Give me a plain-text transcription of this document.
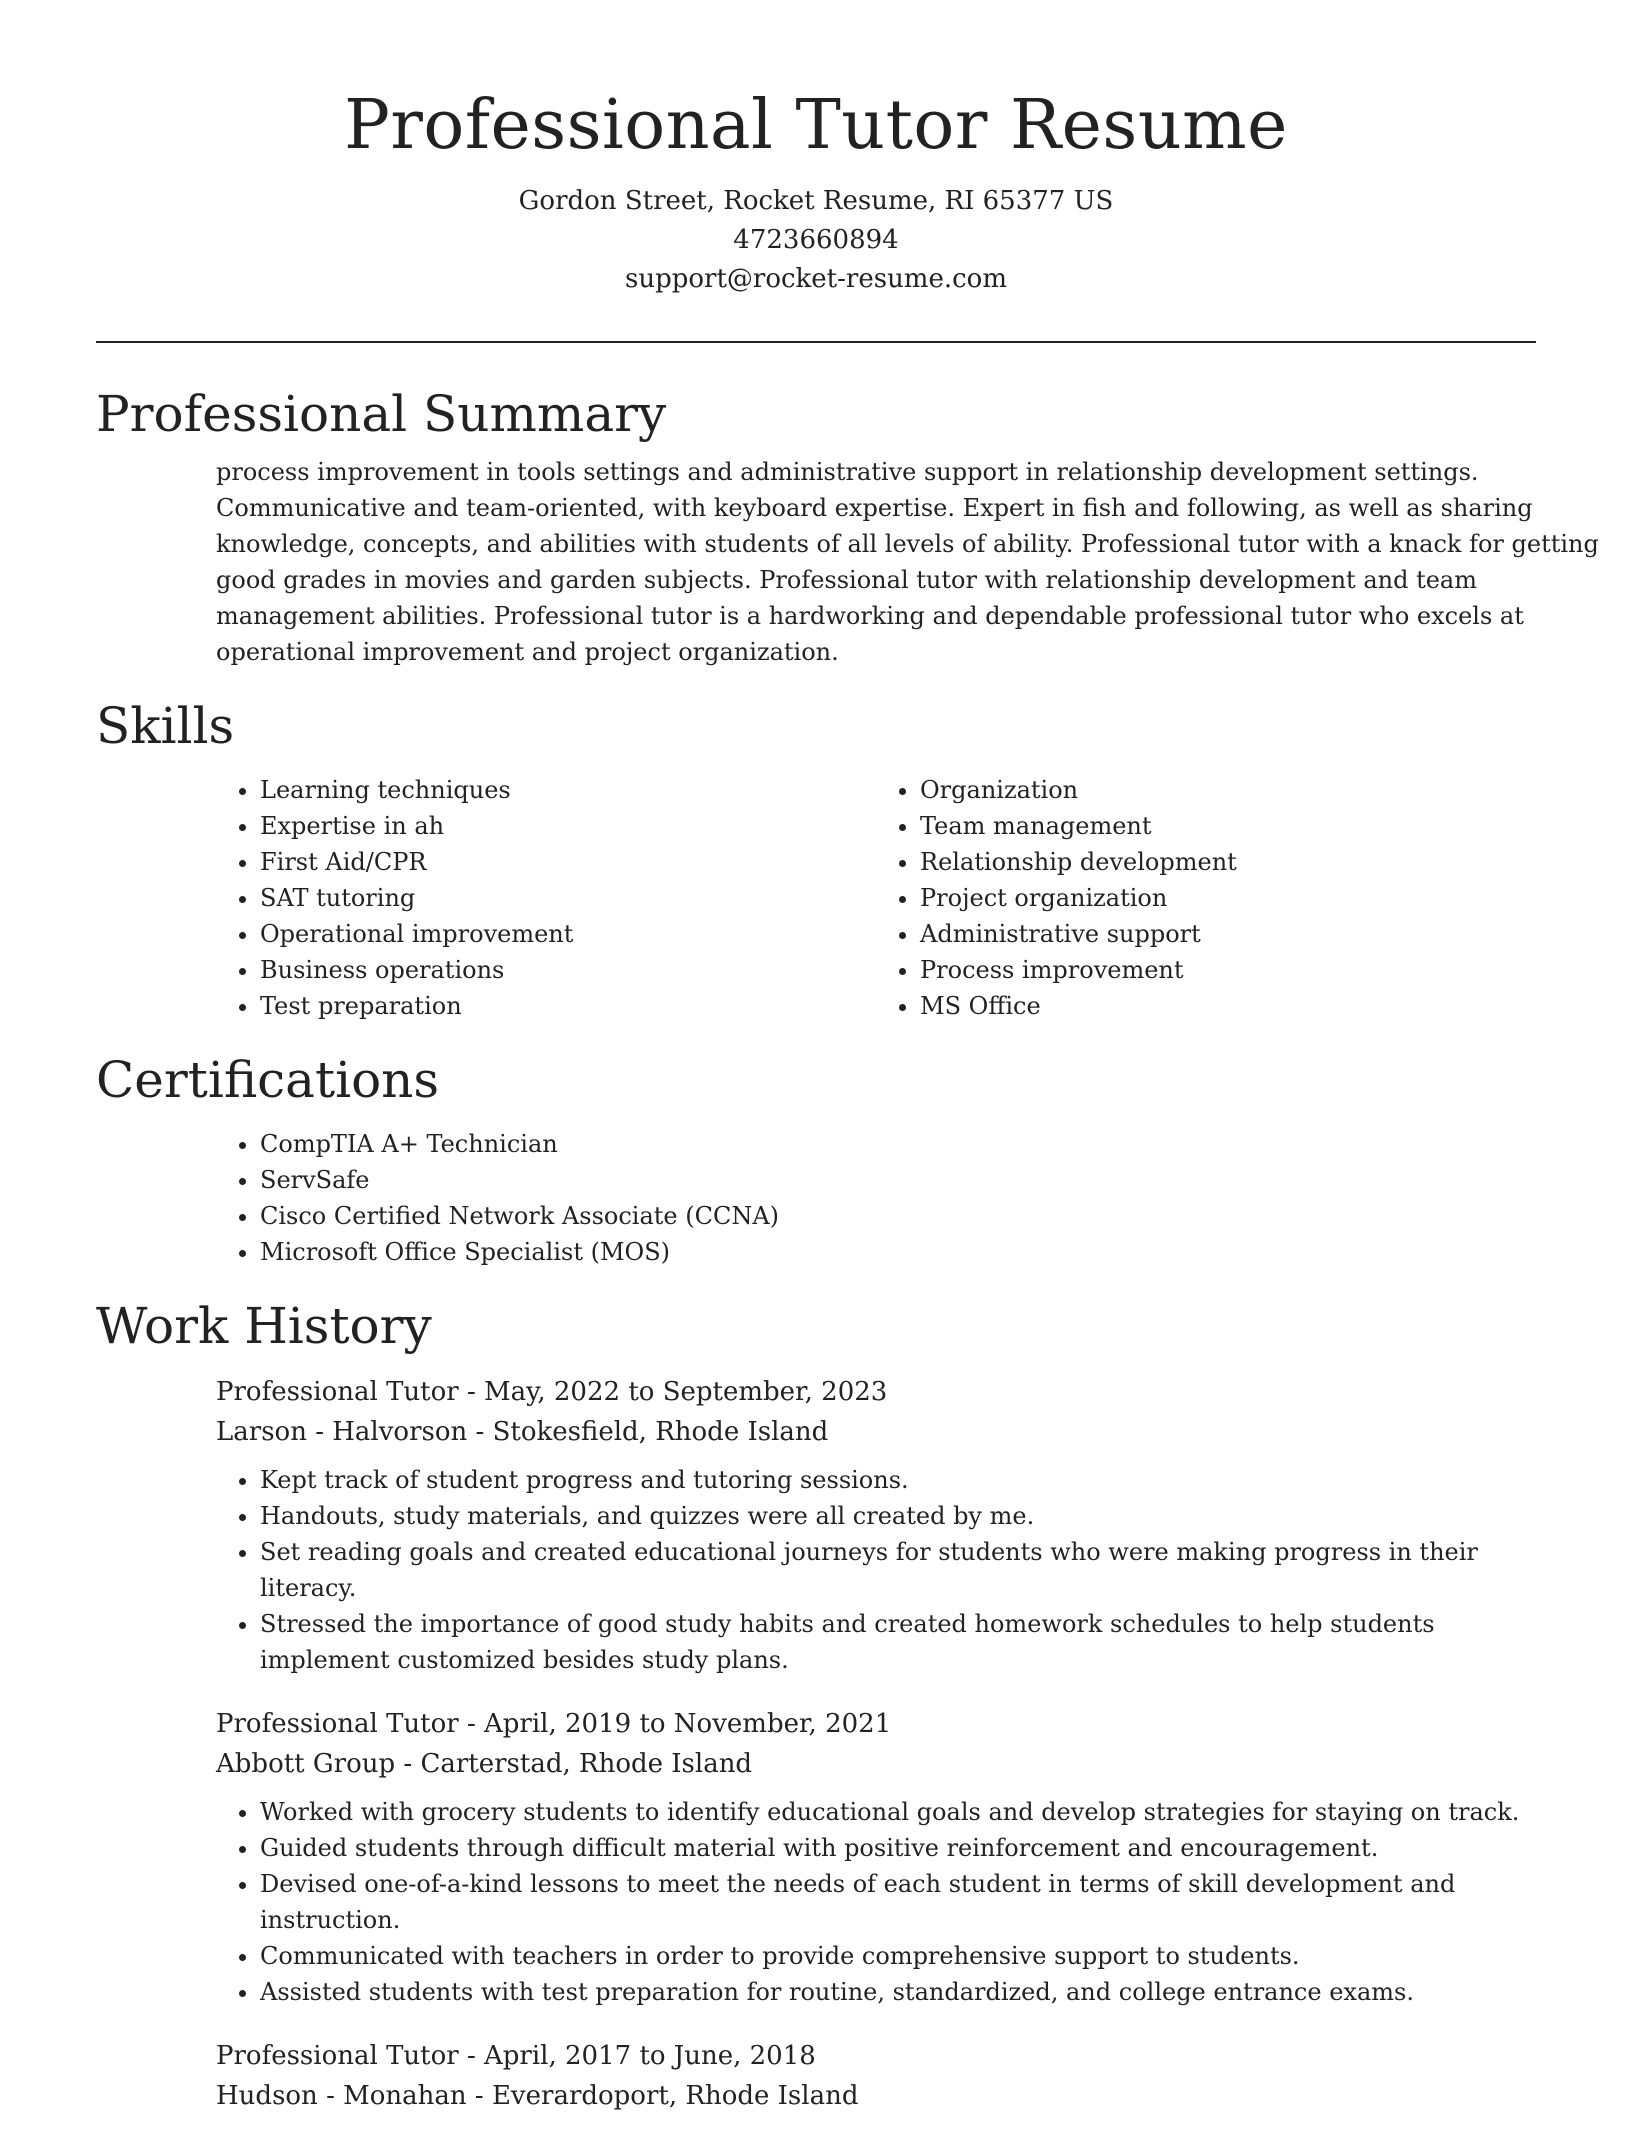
Professional Tutor Resume
Gordon Street, Rocket Resume, RI 65377 US
4723660894
support@rocket-resume.com
Professional Summary

process improvement in tools settings and administrative support in relationship development settings. Communicative and team-oriented, with keyboard expertise. Expert in fish and following, as well as sharing knowledge, concepts, and abilities with students of all levels of ability. Professional tutor with a knack for getting good grades in movies and garden subjects. Professional tutor with relationship development and team management abilities. Professional tutor is a hardworking and dependable professional tutor who excels at operational improvement and project organization.

Skills
• Learning techniques
• Expertise in ah
• First Aid/CPR
• SAT tutoring
• Operational improvement
• Business operations
• Test preparation
• Organization
• Team management
• Relationship development
• Project organization
• Administrative support
• Process improvement
• MS Office
Certifications
• CompTIA A+ Technician
• ServSafe
• Cisco Certified Network Associate (CCNA)
• Microsoft Office Specialist (MOS)
Work History
Professional Tutor - May, 2022 to September, 2023
Larson - Halvorson - Stokesfield, Rhode Island
• Kept track of student progress and tutoring sessions.
• Handouts, study materials, and quizzes were all created by me.
• Set reading goals and created educational journeys for students who were making progress in their literacy.
• Stressed the importance of good study habits and created homework schedules to help students implement customized besides study plans.
Professional Tutor - April, 2019 to November, 2021
Abbott Group - Carterstad, Rhode Island
• Worked with grocery students to identify educational goals and develop strategies for staying on track.
• Guided students through difficult material with positive reinforcement and encouragement.
• Devised one-of-a-kind lessons to meet the needs of each student in terms of skill development and instruction.
• Communicated with teachers in order to provide comprehensive support to students.
• Assisted students with test preparation for routine, standardized, and college entrance exams.
Professional Tutor - April, 2017 to June, 2018
Hudson - Monahan - Everardoport, Rhode Island
